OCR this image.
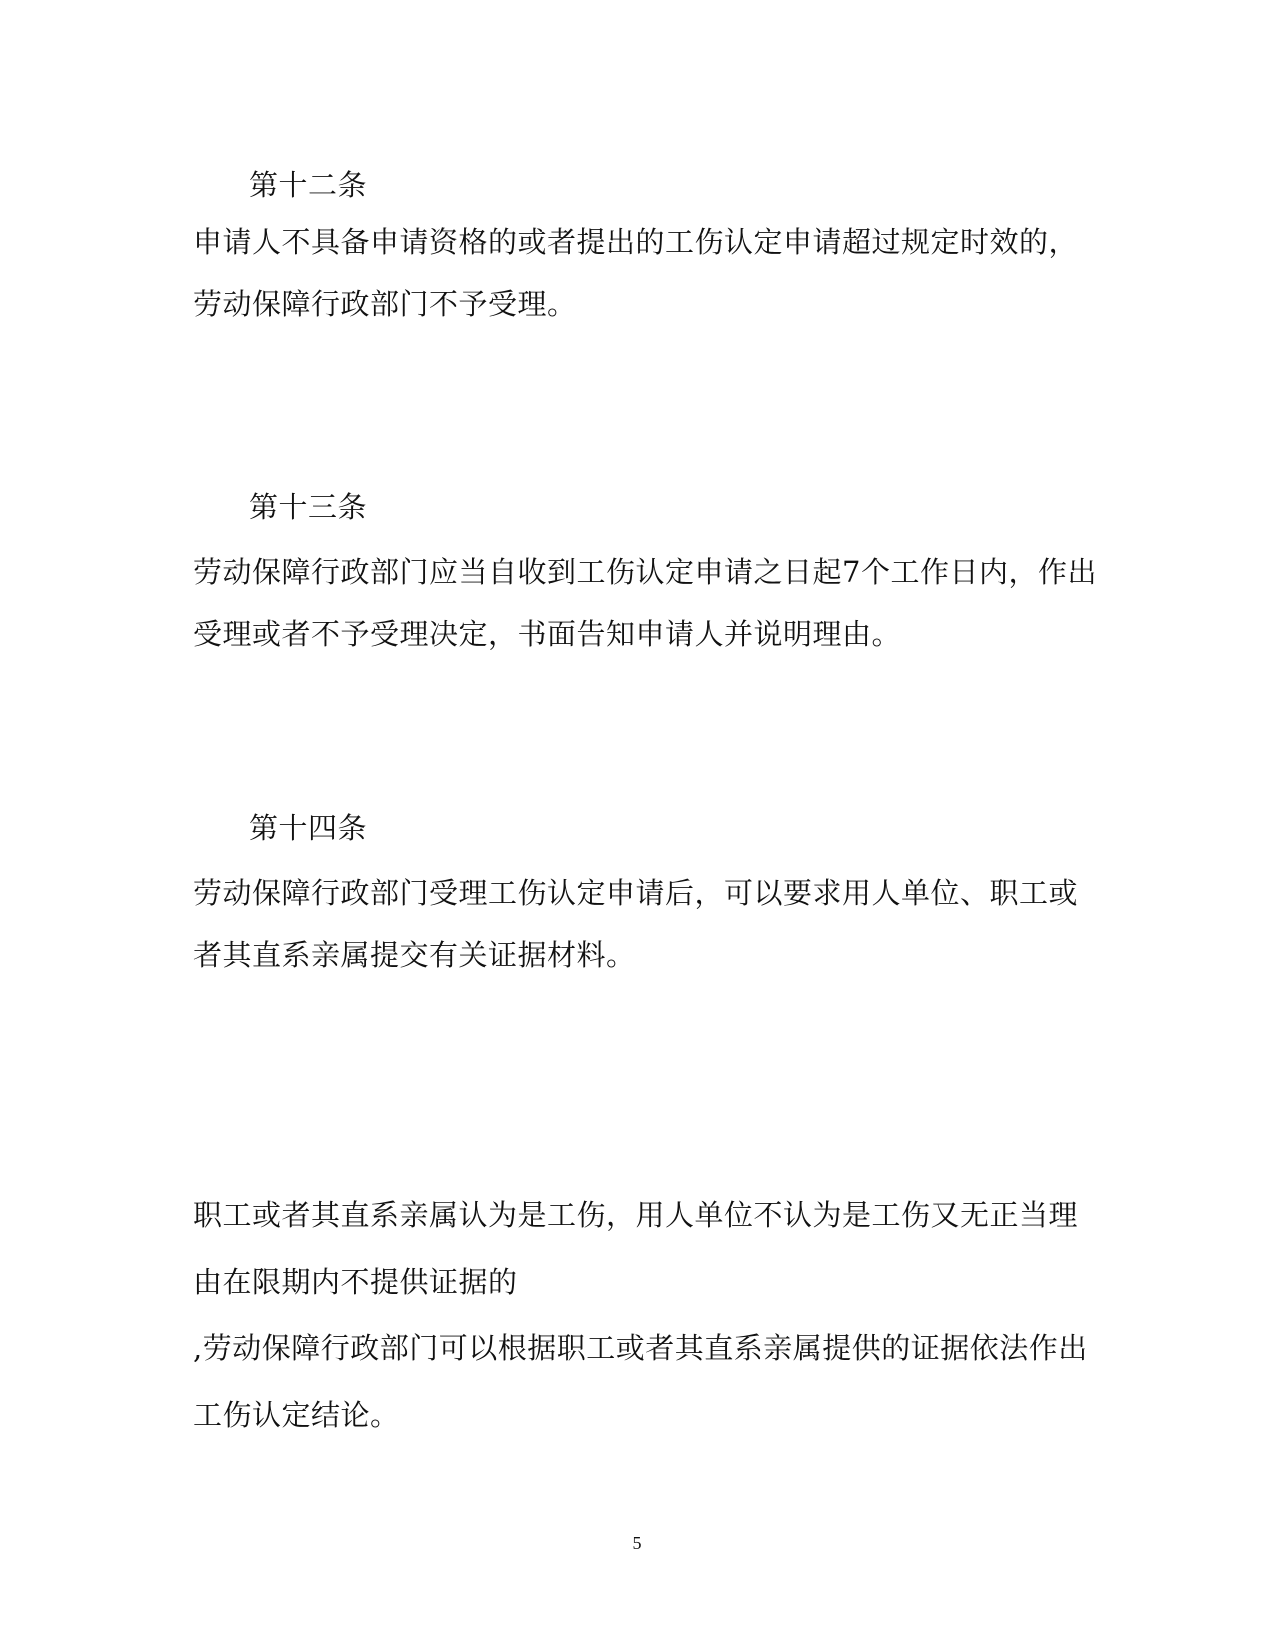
第十二条
申请人不具备申请资格的或者提出的工伤认定申请超过规定时效的，
劳动保障行政部门不予受理。
第十三条
劳动保障行政部门应当自收到工伤认定申请之日起7个工作日内，作出
受理或者不予受理决定，书面告知申请人并说明理由。
第十四条
劳动保障行政部门受理工伤认定申请后，可以要求用人单位、职工或
者其直系亲属提交有关证据材料。
职工或者其直系亲属认为是工伤，用人单位不认为是工伤又无正当理
由在限期内不提供证据的
,劳动保障行政部门可以根据职工或者其直系亲属提供的证据依法作出
工伤认定结论。
5
